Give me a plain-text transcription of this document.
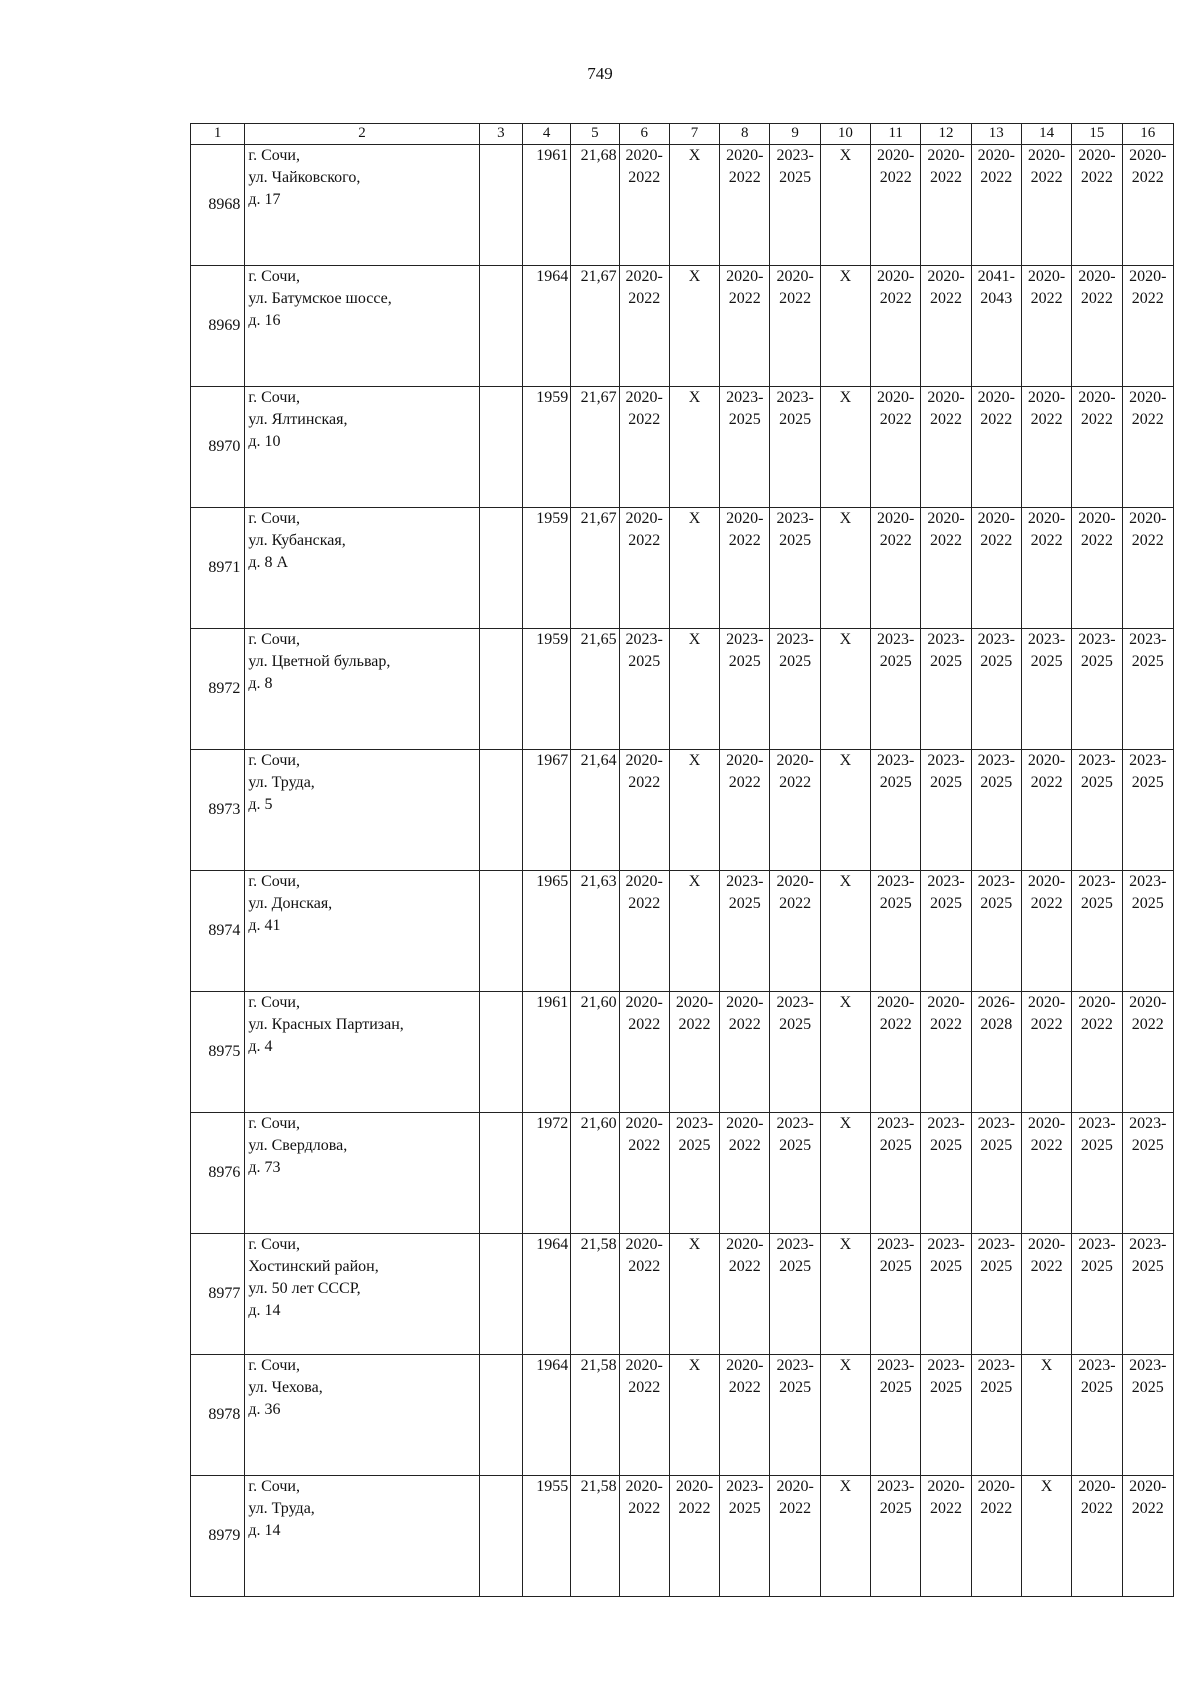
749
1	2	3	4	5	6	7	8	9	10	11	12	13	14	15	16
8968	г. Сочи,
ул. Чайковского,
д. 17		1961	21,68	2020-
2022	X	2020-
2022	2023-
2025	X	2020-
2022	2020-
2022	2020-
2022	2020-
2022	2020-
2022	2020-
2022
8969	г. Сочи,
ул. Батумское шоссе,
д. 16		1964	21,67	2020-
2022	X	2020-
2022	2020-
2022	X	2020-
2022	2020-
2022	2041-
2043	2020-
2022	2020-
2022	2020-
2022
8970	г. Сочи,
ул. Ялтинская,
д. 10		1959	21,67	2020-
2022	X	2023-
2025	2023-
2025	X	2020-
2022	2020-
2022	2020-
2022	2020-
2022	2020-
2022	2020-
2022
8971	г. Сочи,
ул. Кубанская,
д. 8 А		1959	21,67	2020-
2022	X	2020-
2022	2023-
2025	X	2020-
2022	2020-
2022	2020-
2022	2020-
2022	2020-
2022	2020-
2022
8972	г. Сочи,
ул. Цветной бульвар,
д. 8		1959	21,65	2023-
2025	X	2023-
2025	2023-
2025	X	2023-
2025	2023-
2025	2023-
2025	2023-
2025	2023-
2025	2023-
2025
8973	г. Сочи,
ул. Труда,
д. 5		1967	21,64	2020-
2022	X	2020-
2022	2020-
2022	X	2023-
2025	2023-
2025	2023-
2025	2020-
2022	2023-
2025	2023-
2025
8974	г. Сочи,
ул. Донская,
д. 41		1965	21,63	2020-
2022	X	2023-
2025	2020-
2022	X	2023-
2025	2023-
2025	2023-
2025	2020-
2022	2023-
2025	2023-
2025
8975	г. Сочи,
ул. Красных Партизан,
д. 4		1961	21,60	2020-
2022	2020-
2022	2020-
2022	2023-
2025	X	2020-
2022	2020-
2022	2026-
2028	2020-
2022	2020-
2022	2020-
2022
8976	г. Сочи,
ул. Свердлова,
д. 73		1972	21,60	2020-
2022	2023-
2025	2020-
2022	2023-
2025	X	2023-
2025	2023-
2025	2023-
2025	2020-
2022	2023-
2025	2023-
2025
8977	г. Сочи,
Хостинский район,
ул. 50 лет СССР,
д. 14		1964	21,58	2020-
2022	X	2020-
2022	2023-
2025	X	2023-
2025	2023-
2025	2023-
2025	2020-
2022	2023-
2025	2023-
2025
8978	г. Сочи,
ул. Чехова,
д. 36		1964	21,58	2020-
2022	X	2020-
2022	2023-
2025	X	2023-
2025	2023-
2025	2023-
2025	X	2023-
2025	2023-
2025
8979	г. Сочи,
ул. Труда,
д. 14		1955	21,58	2020-
2022	2020-
2022	2023-
2025	2020-
2022	X	2023-
2025	2020-
2022	2020-
2022	X	2020-
2022	2020-
2022
